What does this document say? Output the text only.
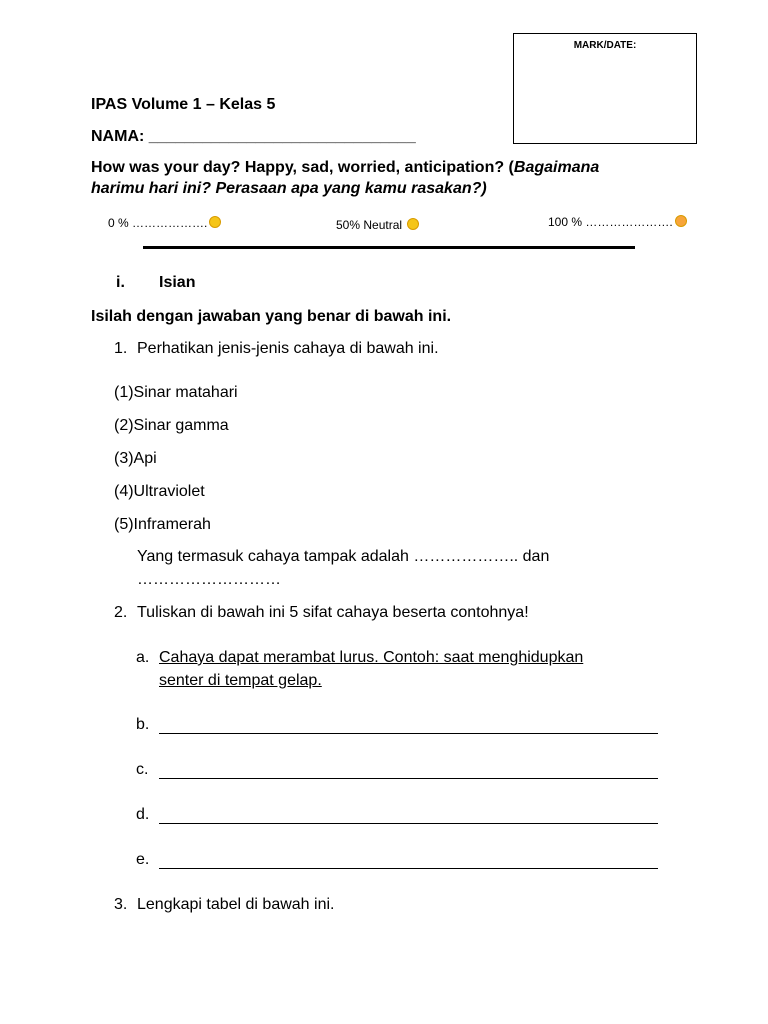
MARK/DATE:
IPAS Volume 1 – Kelas 5
NAMA: ______________________________
How was your day? Happy, sad, worried, anticipation? (Bagaimana
harimu hari ini? Perasaan apa yang kamu rasakan?)
0 % ……………….	50% Neutral	100 % ………………….
i. Isian
Isilah dengan jawaban yang benar di bawah ini.
1. Perhatikan jenis-jenis cahaya di bawah ini.
(1)Sinar matahari
(2)Sinar gamma
(3)Api
(4)Ultraviolet
(5)Inframerah
Yang termasuk cahaya tampak adalah ……………….. dan
………………………
2. Tuliskan di bawah ini 5 sifat cahaya beserta contohnya!
a. Cahaya dapat merambat lurus. Contoh: saat menghidupkan
senter di tempat gelap.
b.
c.
d.
e.
3. Lengkapi tabel di bawah ini.
